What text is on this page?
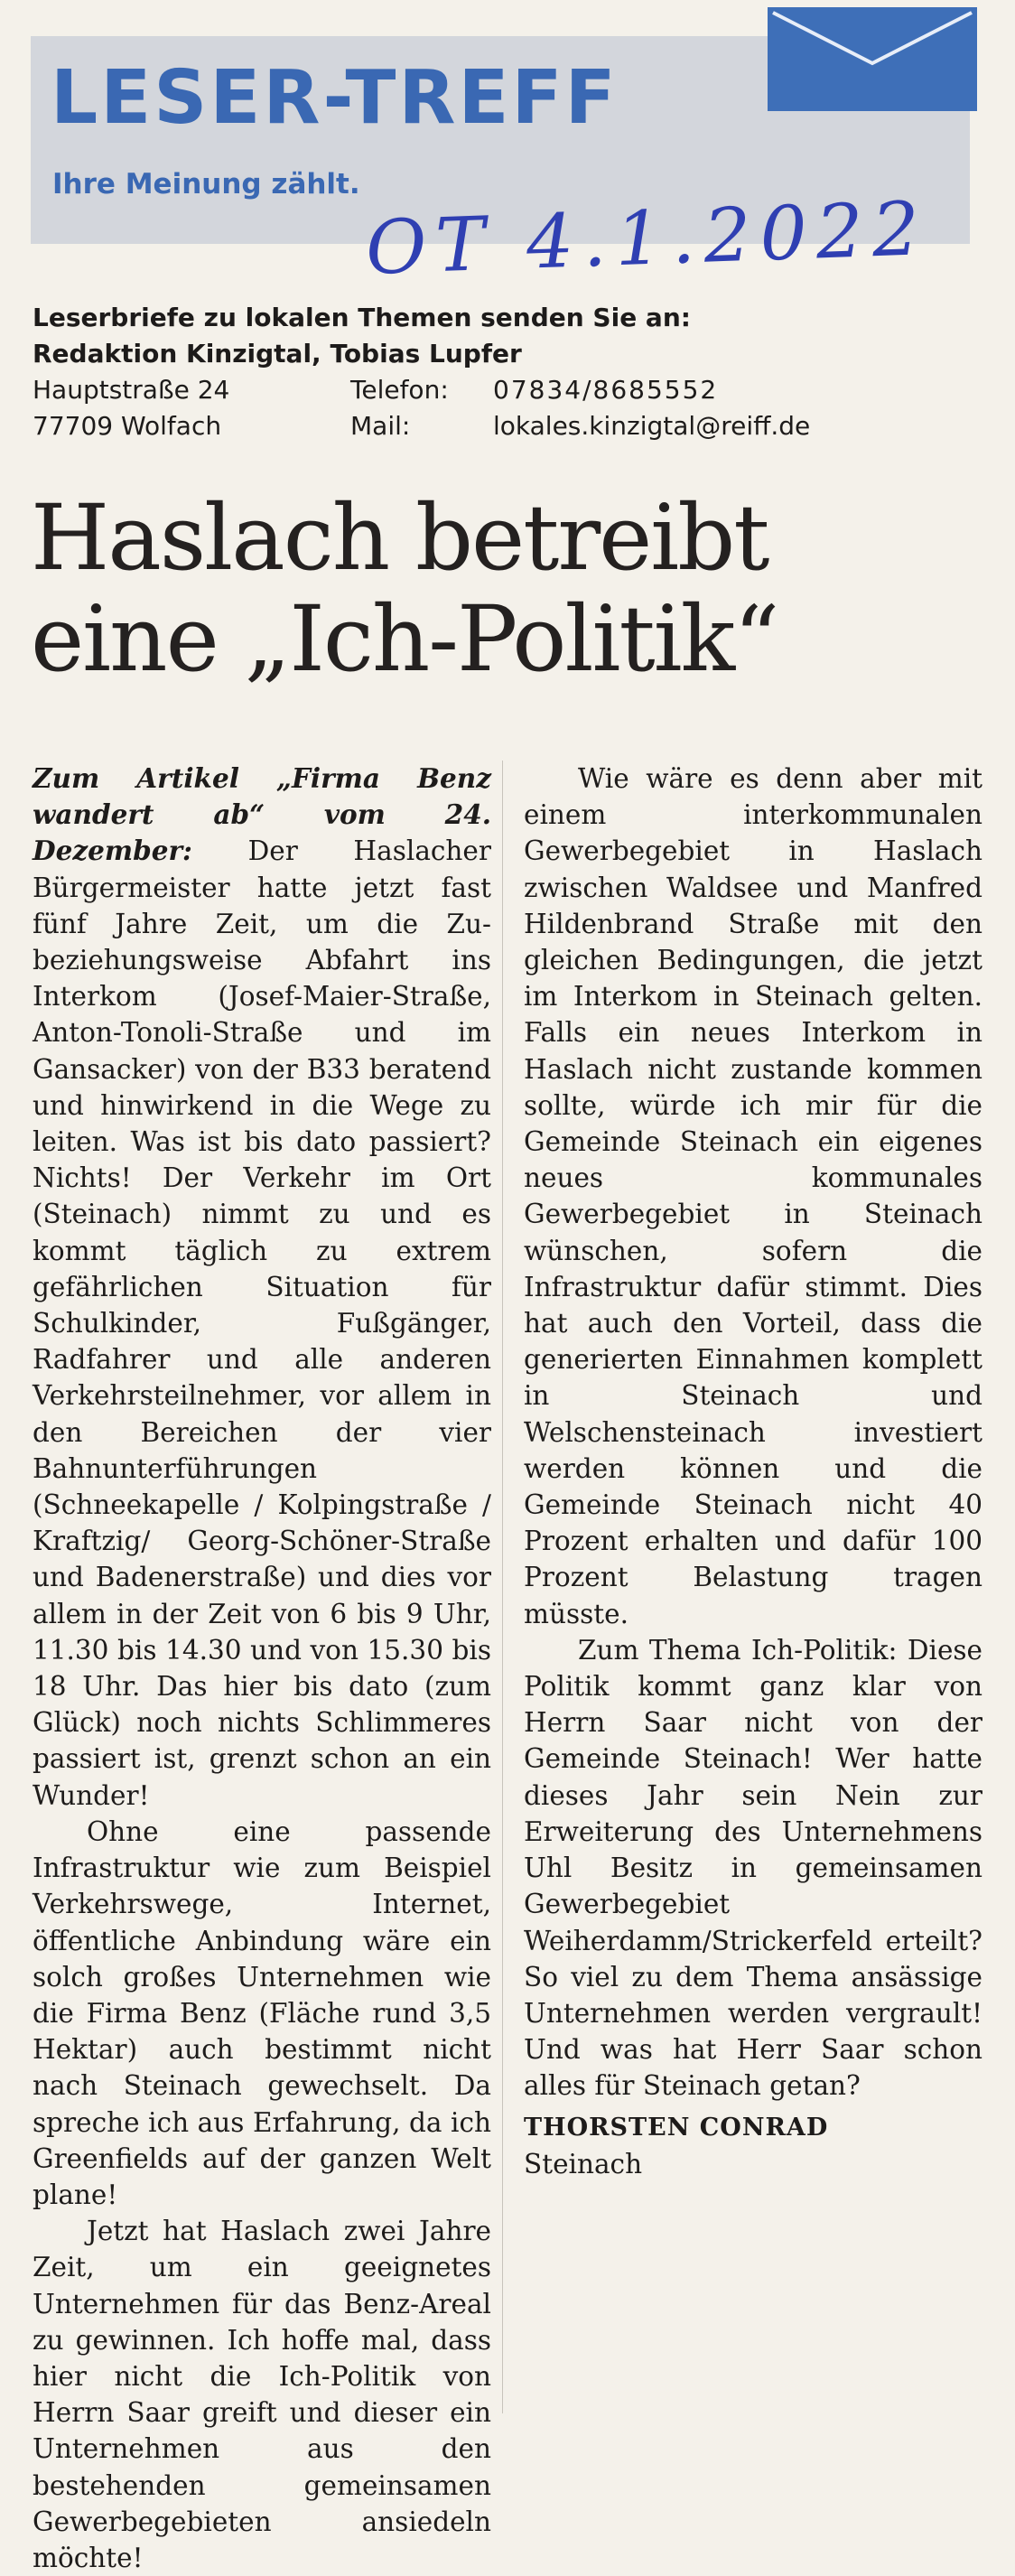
LESER-TREFF
Ihre Meinung zählt.
OT 4.1.2022
Leserbriefe zu lokalen Themen senden Sie an:
Redaktion Kinzigtal, Tobias Lupfer
Hauptstraße 24	Telefon:	07834/8685552
77709 Wolfach	Mail:	lokales.kinzigtal@reiff.de
Haslach betreibt
eine „Ich-Politik“

Zum Artikel „Firma Benz wandert ab“ vom 24. Dezember: Der Haslacher Bürgermeister hatte jetzt fast fünf Jahre Zeit, um die Zu- beziehungsweise Abfahrt ins Interkom (Josef-Maier-Straße, Anton-Tonoli-Straße und im Gansacker) von der B33 beratend und hinwirkend in die Wege zu leiten. Was ist bis dato passiert? Nichts! Der Verkehr im Ort (Steinach) nimmt zu und es kommt täglich zu extrem gefährlichen Situation für Schulkinder, Fußgänger, Radfahrer und alle anderen Verkehrsteilnehmer, vor allem in den Bereichen der vier Bahnunterführungen (Schneekapelle / Kolpingstraße / Kraftzig/ Georg-Schöner-Straße und Badenerstraße) und dies vor allem in der Zeit von 6 bis 9 Uhr, 11.30 bis 14.30 und von 15.30 bis 18 Uhr. Das hier bis dato (zum Glück) noch nichts Schlimmeres passiert ist, grenzt schon an ein Wunder!

Ohne eine passende Infrastruktur wie zum Beispiel Verkehrswege, Internet, öffentliche Anbindung wäre ein solch großes Unternehmen wie die Firma Benz (Fläche rund 3,5 Hektar) auch bestimmt nicht nach Steinach gewechselt. Da spreche ich aus Erfahrung, da ich Greenfields auf der ganzen Welt plane!

Jetzt hat Haslach zwei Jahre Zeit, um ein geeignetes Unternehmen für das Benz-Areal zu gewinnen. Ich hoffe mal, dass hier nicht die Ich-Politik von Herrn Saar greift und dieser ein Unternehmen aus den bestehenden gemeinsamen Gewerbegebieten ansiedeln möchte!

Wie wäre es denn aber mit einem interkommunalen Gewerbegebiet in Haslach zwischen Waldsee und Manfred Hildenbrand Straße mit den gleichen Bedingungen, die jetzt im Interkom in Steinach gelten. Falls ein neues Interkom in Haslach nicht zustande kommen sollte, würde ich mir für die Gemeinde Steinach ein eigenes neues kommunales Gewerbegebiet in Steinach wünschen, sofern die Infrastruktur dafür stimmt. Dies hat auch den Vorteil, dass die generierten Einnahmen komplett in Steinach und Welschensteinach investiert werden können und die Gemeinde Steinach nicht 40 Prozent erhalten und dafür 100 Prozent Belastung tragen müsste.

Zum Thema Ich-Politik: Diese Politik kommt ganz klar von Herrn Saar nicht von der Gemeinde Steinach! Wer hatte dieses Jahr sein Nein zur Erweiterung des Unternehmens Uhl Besitz in gemeinsamen Gewerbegebiet Weiherdamm/Strickerfeld erteilt? So viel zu dem Thema ansässige Unternehmen werden vergrault! Und was hat Herr Saar schon alles für Steinach getan?

THORSTEN CONRAD
Steinach
